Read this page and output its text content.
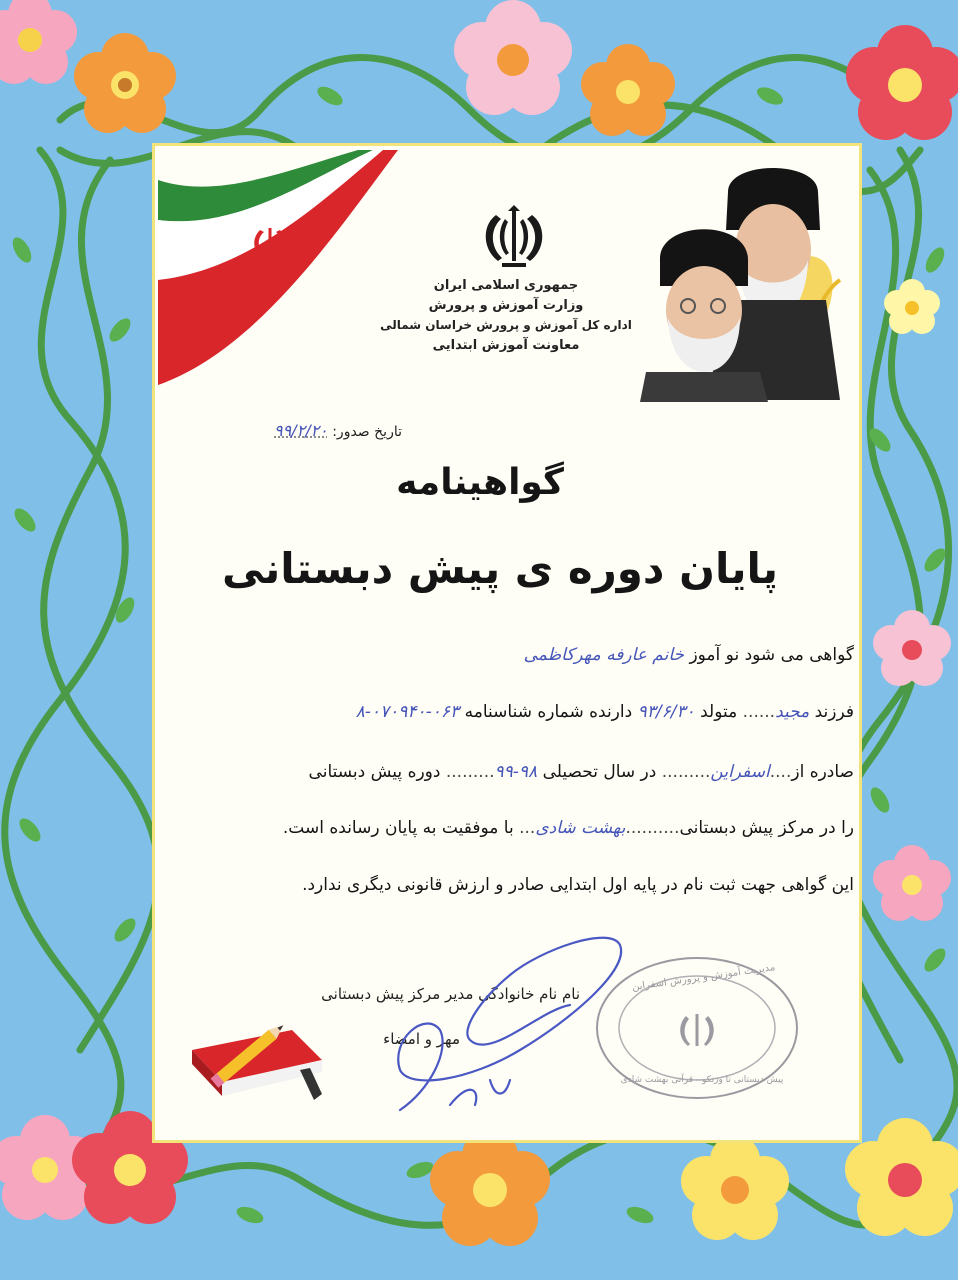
جمهوری اسلامی ایران
وزارت آموزش و پرورش
اداره کل آموزش و پرورش خراسان شمالی
معاونت آموزش ابتدایی
تاریخ صدور: ۹۹/۲/۲۰
گواهینامه
پایان دوره ی پیش دبستانی
گواهی می شود نو آموز خانم عارفه مهرکاظمی
فرزند مجید...... متولد ۹۳/۶/۳۰ دارنده شماره شناسنامه ۰۶۳-۰۷۰۹۴۰-۸
صادره از....اسفراین......... در سال تحصیلی ۹۸-۹۹......... دوره پیش دبستانی
را در مرکز پیش دبستانی..........بهشت شادی... با موفقیت به پایان رسانده است.
این گواهی جهت ثبت نام در پایه اول ابتدایی صادر و ارزش قانونی دیگری ندارد.
نام نام خانوادگی مدیر مرکز پیش دبستانی
مهر و امضاء
مدیریت آموزش و پرورش اسفراین
پیش دبستانی تا وزنکو - قرآنی بهشت شادی
